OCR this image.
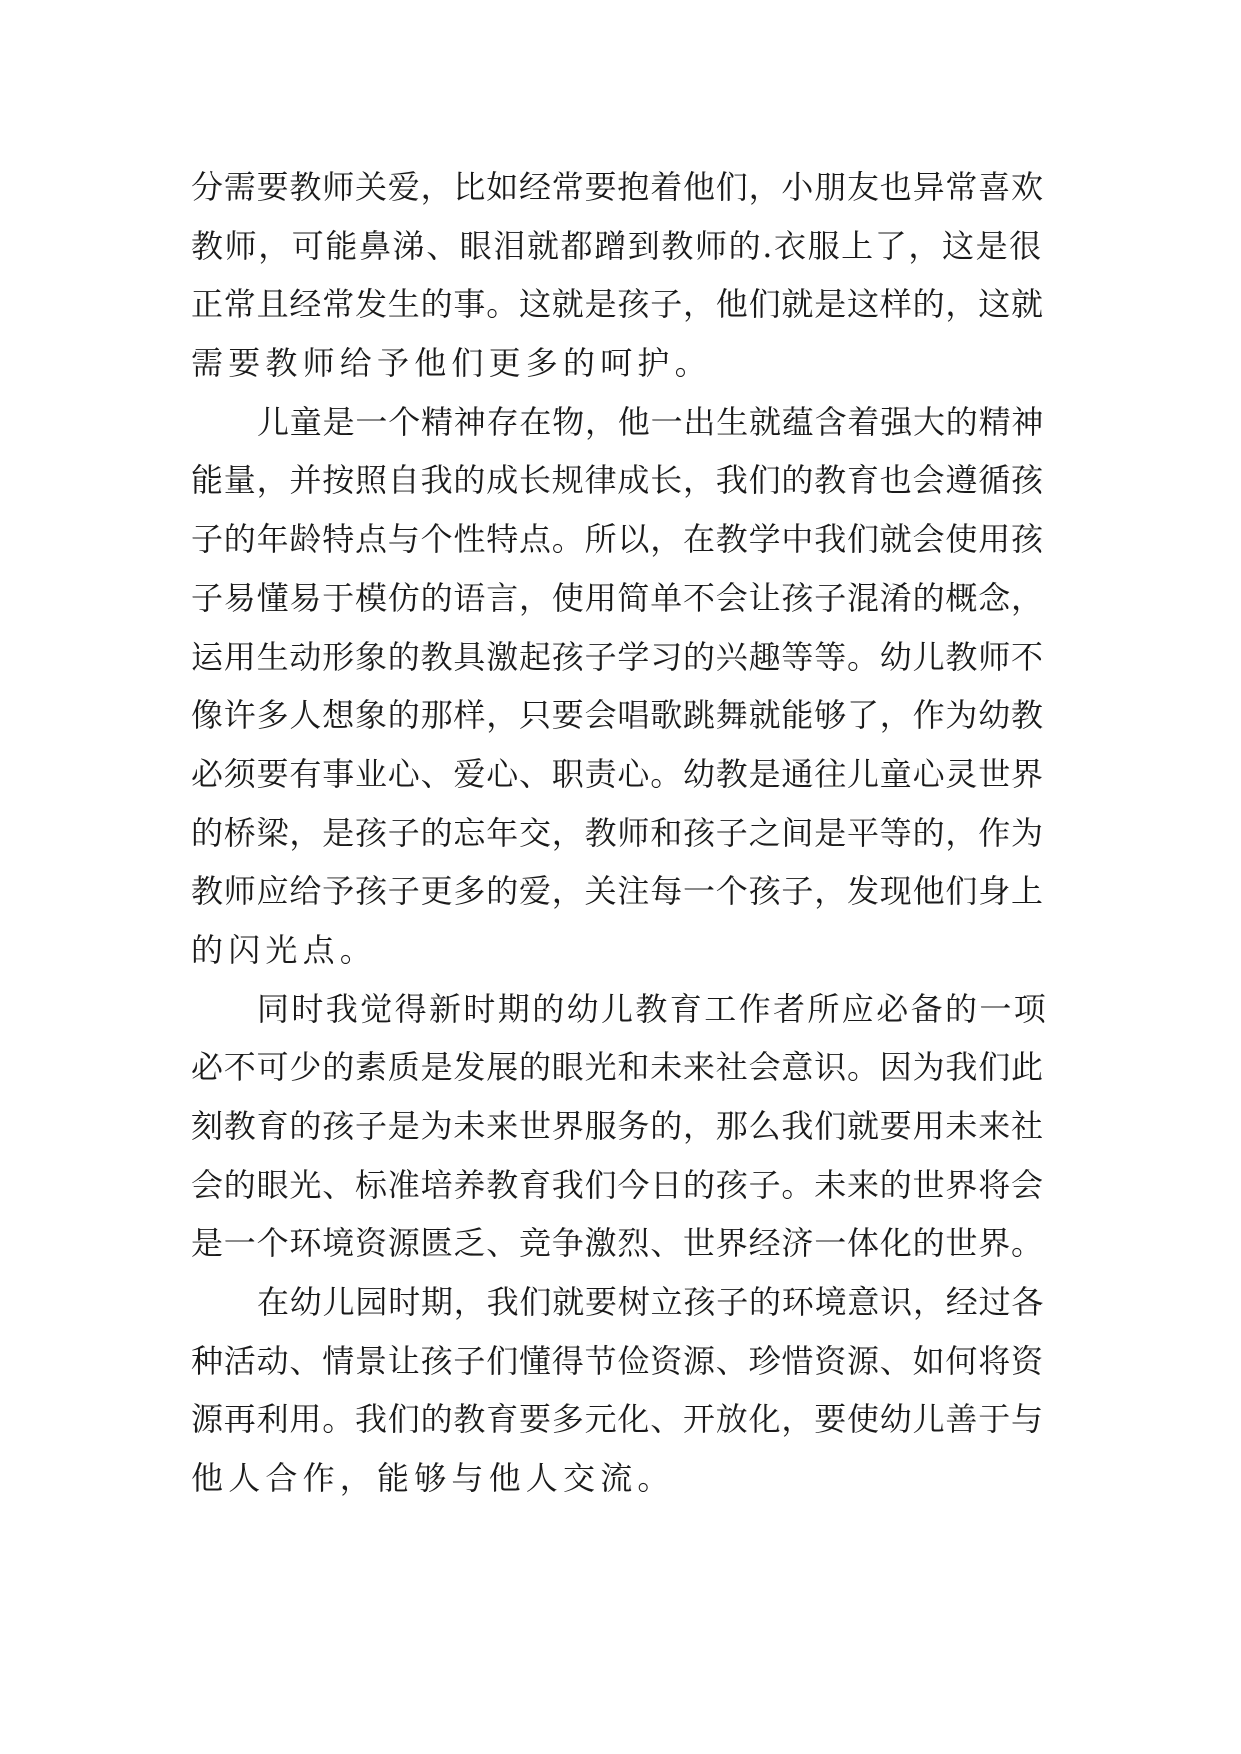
分需要教师关爱，比如经常要抱着他们，小朋友也异常喜欢
教师，可能鼻涕、眼泪就都蹭到教师的.衣服上了，这是很
正常且经常发生的事。这就是孩子，他们就是这样的，这就
需要教师给予他们更多的呵护。
儿童是一个精神存在物，他一出生就蕴含着强大的精神
能量，并按照自我的成长规律成长，我们的教育也会遵循孩
子的年龄特点与个性特点。所以，在教学中我们就会使用孩
子易懂易于模仿的语言，使用简单不会让孩子混淆的概念，
运用生动形象的教具激起孩子学习的兴趣等等。幼儿教师不
像许多人想象的那样，只要会唱歌跳舞就能够了，作为幼教
必须要有事业心、爱心、职责心。幼教是通往儿童心灵世界
的桥梁，是孩子的忘年交，教师和孩子之间是平等的，作为
教师应给予孩子更多的爱，关注每一个孩子，发现他们身上
的闪光点。
同时我觉得新时期的幼儿教育工作者所应必备的一项
必不可少的素质是发展的眼光和未来社会意识。因为我们此
刻教育的孩子是为未来世界服务的，那么我们就要用未来社
会的眼光、标准培养教育我们今日的孩子。未来的世界将会
是一个环境资源匮乏、竞争激烈、世界经济一体化的世界。
在幼儿园时期，我们就要树立孩子的环境意识，经过各
种活动、情景让孩子们懂得节俭资源、珍惜资源、如何将资
源再利用。我们的教育要多元化、开放化，要使幼儿善于与
他人合作，能够与他人交流。
